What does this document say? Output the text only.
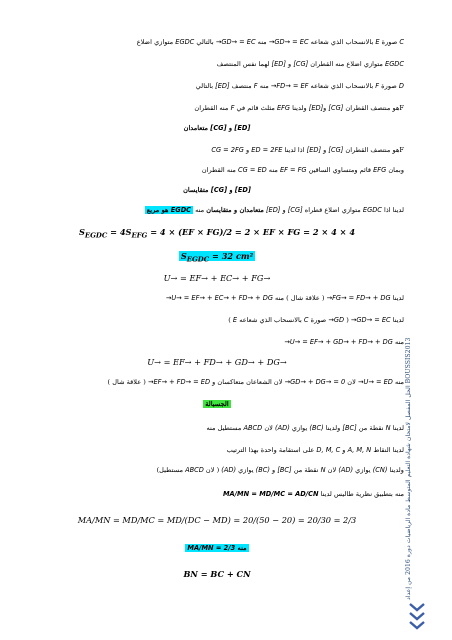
C صورة E بالانسحاب الذي شعاعه GD→ = EC→ منه GD→ = EC→ بالتالي EGDC متوازي اضلاع
EGDC متوازي اضلاع منه القطران [CG] و [ED] لهما نفس المنتصف
D صورة F بالانسحاب الذي شعاعه FD→ = EF→ منه F منتصف [ED] بالتالي
Fهو منتصف القطران [CG] و[ED] ولدينا EFG مثلث قائم في F منه القطران
[ED] و [CG] متعامدان
Fهو منتصف القطران [CG] و [ED] اذا لدينا ED = 2FE و CG = 2FG
وبمان EFG قائم ومتساوي الساقين EF = FG منه CG = ED منه القطران
[ED] و [CG] متقايسان
لدينا اذا EGDC متوازي اضلاع قطراه [CG] و [ED] متعامدان و متقايسان منه EGDC هو مربع
$S_{EGDC} = 4S_{EFG} = 4 \times (EF \times FG)/2 = 2$ × EF × FG = 2 × 4 × 4
$S_{EGDC} = 32$ cm²
U→ = EF→ + EC→ + FG→
لدينا FG→ = FD→ + DG→ ( علاقة شال ) منه U→ = EF→ + EC→ + FD→ + DG→
لدينا GD→ = EC→ ( GD→ صورة C بالانسحاب الذي شعاعه E )
منه U→ = EF→ + GD→ + FD→ + DG→
U→ = EF→ + FD→ + GD→ + DG→
منه U→ = ED→ لان GD→ + DG→ = 0→ لان الشعاعان متعاكسان و EF→ + FD→ = ED→ ( علاقة شال )
الجسبالة
لدينا N نقطة من [BC] ولدينا (BC) يوازي (AD) لان ABCD مستطيل منه
لدينا النقاط A, M, N و D, M, C على استقامة واحدة بهذا الترتيب
ولدينا (CN) يوازي (AD) لان N نقطة من [BC] و (BC) يوازي (AD) ( لان ABCD مستطيل)
منه بتطبيق نظرية طاليس لدينا MA/MN = MD/MC = AD/CN
MA/MN = MD/MC = MD/(DC − MD) = 20/(50 − 20) = 20/30 = 2/3
منه MA/MN = 2/3
BN = BC + CN
الحل المفصل لامتحان شهادة التعليم المتوسط مادة الرياضيات دورة 2016 من إعداد BOUSSIS2013
